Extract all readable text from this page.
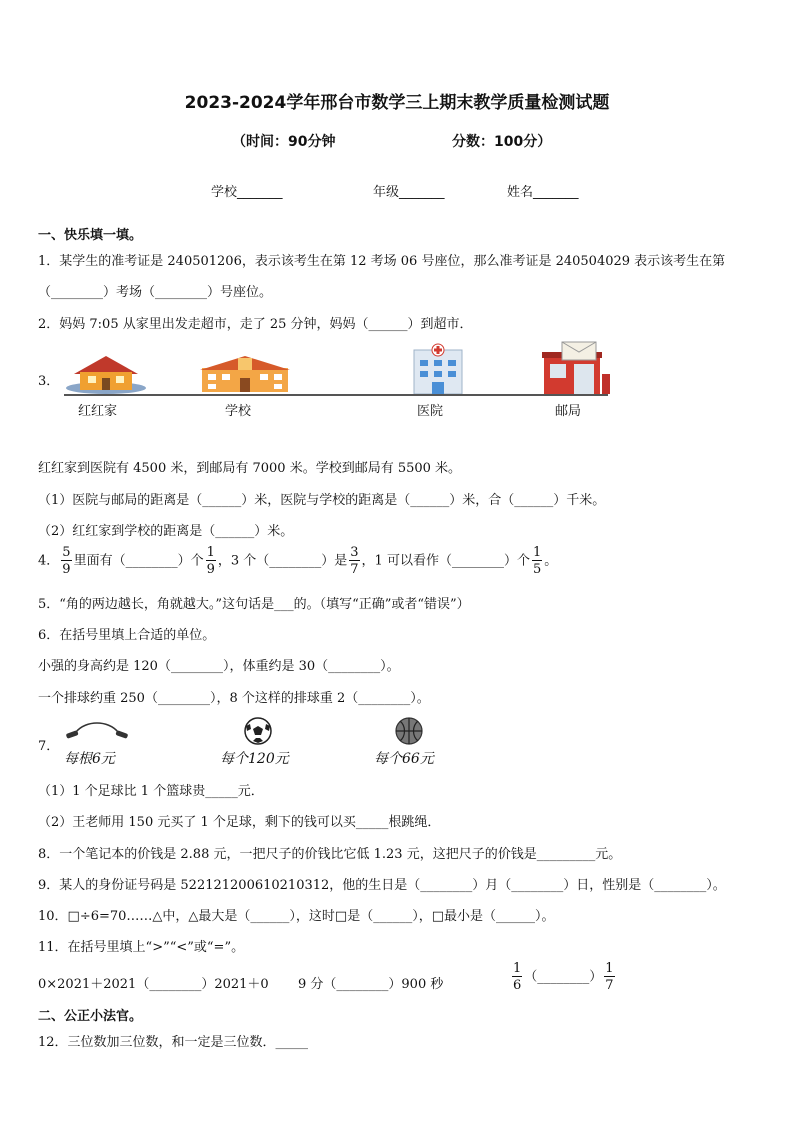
2023-2024学年邢台市数学三上期末教学质量检测试题
（时间：90分钟	分数：100分）
学校_______	年级_______	姓名_______
一、快乐填一填。
1．某学生的准考证是 240501206，表示该考生在第 12 考场 06 号座位，那么准考证是 240504029 表示该考生在第
（________）考场（________）号座位。
2．妈妈 7:05 从家里出发走超市，走了 25 分钟，妈妈（______）到超市．
3．
红红家	学校	医院	邮局
红红家到医院有 4500 米，到邮局有 7000 米。学校到邮局有 5500 米。
（1）医院与邮局的距离是（______）米，医院与学校的距离是（______）米，合（______）千米。
（2）红红家到学校的距离是（______）米。
4． $\frac{5}{9}$ 里面有（________）个 $\frac{1}{9}$ ，3 个（________）是 $\frac{3}{7}$ ，1 可以看作（________）个 $\frac{1}{5}$ 。
5．“角的两边越长，角就越大。”这句话是___的。（填写“正确”或者“错误”）
6．在括号里填上合适的单位。
小强的身高约是 120（________），体重约是 30（________）。
一个排球约重 250（________），8 个这样的排球重 2（________）。
7．
每根6元	每个120元	每个66元
（1）1 个足球比 1 个篮球贵_____元．
（2）王老师用 150 元买了 1 个足球，剩下的钱可以买_____根跳绳．
8．一个笔记本的价钱是 2.88 元，一把尺子的价钱比它低 1.23 元，这把尺子的价钱是_________元。
9．某人的身份证号码是 522121200610210312，他的生日是（________）月（________）日，性别是（________）。
10．□÷6=70……△中，△最大是（______），这时□是（______），□最小是（______）。
11．在括号里填上“>”“<”或“=”。
0×2021＋2021（________）2021＋0 9 分（________）900 秒	$\frac{1}{6}$ （________） $\frac{1}{7}$
二、公正小法官。
12．三位数加三位数，和一定是三位数．_____
